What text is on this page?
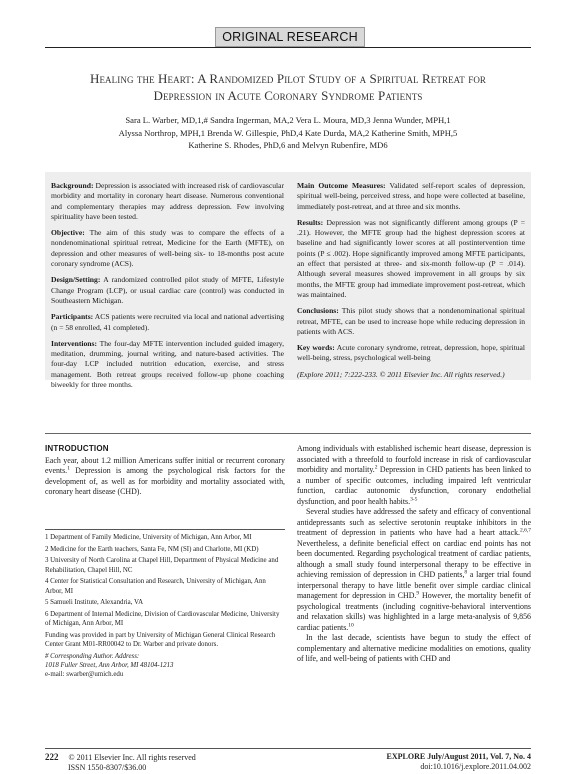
ORIGINAL RESEARCH
Healing the Heart: A Randomized Pilot Study of a Spiritual Retreat for
Depression in Acute Coronary Syndrome Patients
Sara L. Warber, MD,1,# Sandra Ingerman, MA,2 Vera L. Moura, MD,3 Jenna Wunder, MPH,1
Alyssa Northrop, MPH,1 Brenda W. Gillespie, PhD,4 Kate Durda, MA,2 Katherine Smith, MPH,5
Katherine S. Rhodes, PhD,6 and Melvyn Rubenfire, MD6

Background: Depression is associated with increased risk of cardiovascular morbidity and mortality in coronary heart disease. Numerous conventional and complementary therapies may address depression. Few involving spirituality have been tested.

Objective: The aim of this study was to compare the effects of a nondenominational spiritual retreat, Medicine for the Earth (MFTE), on depression and other measures of well-being six- to 18-months post acute coronary syndrome (ACS).

Design/Setting: A randomized controlled pilot study of MFTE, Lifestyle Change Program (LCP), or usual cardiac care (control) was conducted in Southeastern Michigan.

Participants: ACS patients were recruited via local and national advertising (n = 58 enrolled, 41 completed).

Interventions: The four-day MFTE intervention included guided imagery, meditation, drumming, journal writing, and nature-based activities. The four-day LCP included nutrition education, exercise, and stress management. Both retreat groups received follow-up phone coaching biweekly for three months.

Main Outcome Measures: Validated self-report scales of depression, spiritual well-being, perceived stress, and hope were collected at baseline, immediately post-retreat, and at three and six months.

Results: Depression was not significantly different among groups (P = .21). However, the MFTE group had the highest depression scores at baseline and had significantly lower scores at all postintervention time points (P ≤ .002). Hope significantly improved among MFTE participants, an effect that persisted at three- and six-month follow-up (P = .014). Although several measures showed improvement in all groups by six months, the MFTE group had immediate improvement post-retreat, which was maintained.

Conclusions: This pilot study shows that a nondenominational spiritual retreat, MFTE, can be used to increase hope while reducing depression in patients with ACS.

Key words: Acute coronary syndrome, retreat, depression, hope, spiritual well-being, stress, psychological well-being

(Explore 2011; 7:222-233. © 2011 Elsevier Inc. All rights reserved.)

INTRODUCTION

Each year, about 1.2 million Americans suffer initial or recurrent coronary events.$^1$ Depression is among the psychological risk factors for the development of, as well as for morbidity and mortality associated with, coronary heart disease (CHD).

1 Department of Family Medicine, University of Michigan, Ann Arbor, MI

2 Medicine for the Earth teachers, Santa Fe, NM (SI) and Charlotte, MI (KD)

3 University of North Carolina at Chapel Hill, Department of Physical Medicine and Rehabilitation, Chapel Hill, NC

4 Center for Statistical Consultation and Research, University of Michigan, Ann Arbor, MI

5 Samueli Institute, Alexandria, VA

6 Department of Internal Medicine, Division of Cardiovascular Medicine, University of Michigan, Ann Arbor, MI

Funding was provided in part by University of Michigan General Clinical Research Center Grant M01-RR00042 to Dr. Warber and private donors.

# Corresponding Author. Address:

1018 Fuller Street, Ann Arbor, MI 48104-1213

e-mail: swarber@umich.edu

Among individuals with established ischemic heart disease, depression is associated with a threefold to fourfold increase in risk of cardiovascular morbidity and mortality.$^2$ Depression in CHD patients has been linked to a number of specific outcomes, including impaired left ventricular function, cardiac autonomic dysfunction, coronary endothelial dysfunction, and poor health habits.$^{3-5}$

Several studies have addressed the safety and efficacy of conventional antidepressants such as selective serotonin reuptake inhibitors in the treatment of depression in patients who have had a heart attack.$^{2,6,7}$ Nevertheless, a definite beneficial effect on cardiac end points has not been documented. Regarding psychological treatment of cardiac patients, although a small study found interpersonal therapy to be effective in achieving remission of depression in CHD patients,$^8$ a larger trial found interpersonal therapy to have little benefit over simple cardiac clinical management for depression in CHD.$^9$ However, the mortality benefit of psychological treatments (including cognitive-behavioral interventions and relaxation skills) was highlighted in a large meta-analysis of 9,856 cardiac patients.$^{10}$

In the last decade, scientists have begun to study the effect of complementary and alternative medicine modalities on emotions, quality of life, and well-being of patients with CHD and

222 © 2011 Elsevier Inc. All rights reserved
ISSN 1550-8307/$36.00
EXPLORE July/August 2011, Vol. 7, No. 4
doi:10.1016/j.explore.2011.04.002
